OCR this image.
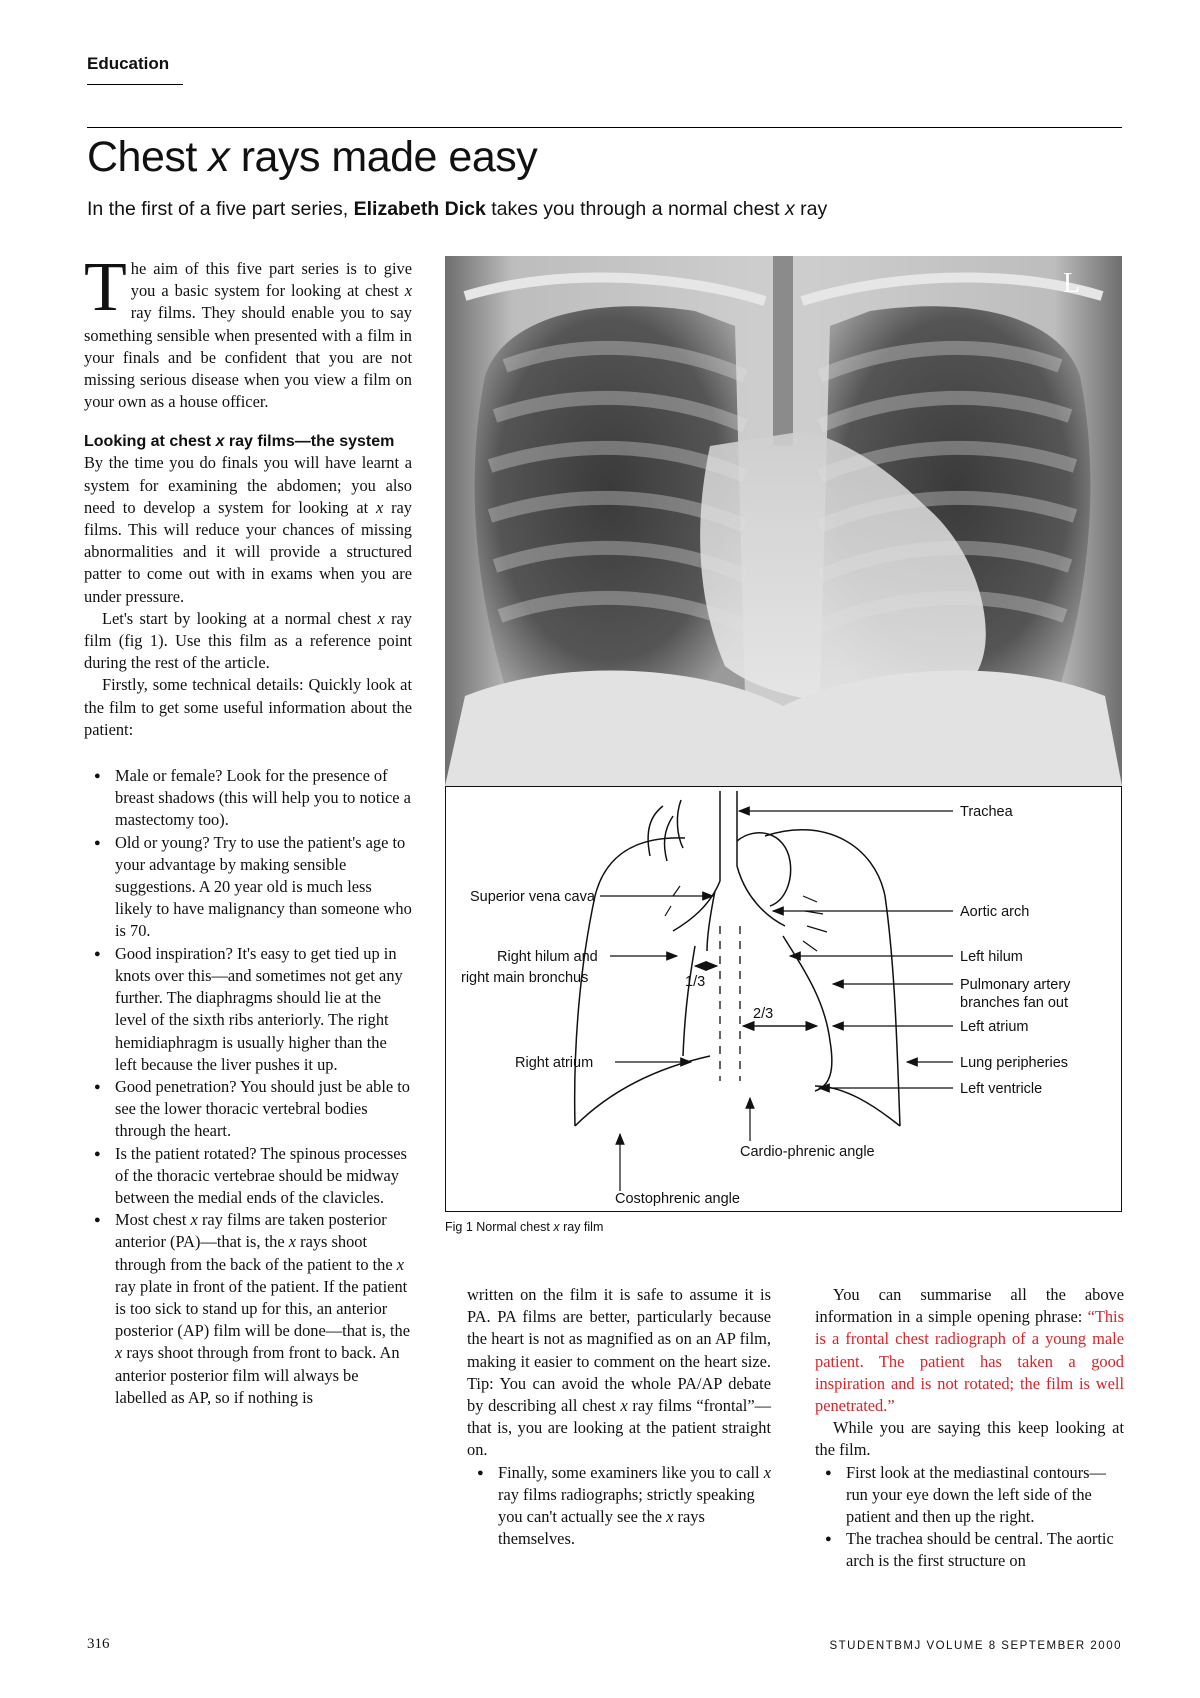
Education
Chest x rays made easy
In the first of a five part series, Elizabeth Dick takes you through a normal chest x ray

The aim of this five part series is to give you a basic system for looking at chest x ray films. They should enable you to say something sensible when presented with a film in your finals and be confident that you are not missing serious disease when you view a film on your own as a house officer.

Looking at chest x ray films—the system

By the time you do finals you will have learnt a system for examining the abdomen; you also need to develop a system for looking at x ray films. This will reduce your chances of missing abnormalities and it will provide a structured patter to come out with in exams when you are under pressure.

Let's start by looking at a normal chest x ray film (fig 1). Use this film as a reference point during the rest of the article.

Firstly, some technical details: Quickly look at the film to get some useful information about the patient:

● Male or female? Look for the presence of breast shadows (this will help you to notice a mastectomy too).
● Old or young? Try to use the patient's age to your advantage by making sensible suggestions. A 20 year old is much less likely to have malignancy than someone who is 70.
● Good inspiration? It's easy to get tied up in knots over this—and sometimes not get any further. The diaphragms should lie at the level of the sixth ribs anteriorly. The right hemidiaphragm is usually higher than the left because the liver pushes it up.
● Good penetration? You should just be able to see the lower thoracic vertebral bodies through the heart.
● Is the patient rotated? The spinous processes of the thoracic vertebrae should be midway between the medial ends of the clavicles.
● Most chest x ray films are taken posterior anterior (PA)—that is, the x rays shoot through from the back of the patient to the x ray plate in front of the patient. If the patient is too sick to stand up for this, an anterior posterior (AP) film will be done—that is, the x rays shoot through from front to back. An anterior posterior film will always be labelled as AP, so if nothing is
L
1/3
2/3
Trachea
Superior vena cava
Aortic arch
Right hilum and
right main bronchus
Left hilum
Pulmonary artery
branches fan out
Left atrium
Right atrium	Lung peripheries
Left ventricle
Cardio-phrenic angle
Costophrenic angle
Fig 1 Normal chest x ray film

written on the film it is safe to assume it is PA. PA films are better, particularly because the heart is not as magnified as on an AP film, making it easier to comment on the heart size. Tip: You can avoid the whole PA/AP debate by describing all chest x ray films “frontal”—that is, you are looking at the patient straight on.

● Finally, some examiners like you to call x ray films radiographs; strictly speaking you can't actually see the x rays themselves.

You can summarise all the above information in a simple opening phrase: “This is a frontal chest radiograph of a young male patient. The patient has taken a good inspiration and is not rotated; the film is well penetrated.”

While you are saying this keep looking at the film.

● First look at the mediastinal contours—run your eye down the left side of the patient and then up the right.
● The trachea should be central. The aortic arch is the first structure on
316	STUDENTBMJ VOLUME 8 SEPTEMBER 2000
